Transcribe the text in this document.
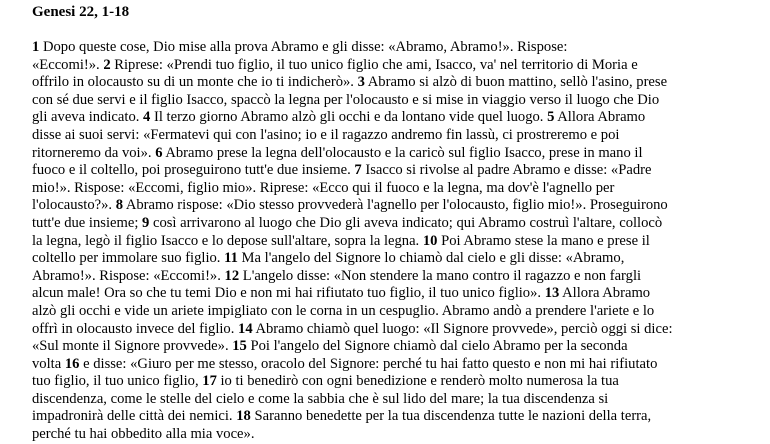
Genesi 22, 1-18
1 Dopo queste cose, Dio mise alla prova Abramo e gli disse: «Abramo, Abramo!». Rispose:
«Eccomi!». 2 Riprese: «Prendi tuo figlio, il tuo unico figlio che ami, Isacco, va' nel territorio di Moria e
offrilo in olocausto su di un monte che io ti indicherò». 3 Abramo si alzò di buon mattino, sellò l'asino, prese
con sé due servi e il figlio Isacco, spaccò la legna per l'olocausto e si mise in viaggio verso il luogo che Dio
gli aveva indicato. 4 Il terzo giorno Abramo alzò gli occhi e da lontano vide quel luogo. 5 Allora Abramo
disse ai suoi servi: «Fermatevi qui con l'asino; io e il ragazzo andremo fin lassù, ci prostreremo e poi
ritorneremo da voi». 6 Abramo prese la legna dell'olocausto e la caricò sul figlio Isacco, prese in mano il
fuoco e il coltello, poi proseguirono tutt'e due insieme. 7 Isacco si rivolse al padre Abramo e disse: «Padre
mio!». Rispose: «Eccomi, figlio mio». Riprese: «Ecco qui il fuoco e la legna, ma dov'è l'agnello per
l'olocausto?». 8 Abramo rispose: «Dio stesso provvederà l'agnello per l'olocausto, figlio mio!». Proseguirono
tutt'e due insieme; 9 così arrivarono al luogo che Dio gli aveva indicato; qui Abramo costruì l'altare, collocò
la legna, legò il figlio Isacco e lo depose sull'altare, sopra la legna. 10 Poi Abramo stese la mano e prese il
coltello per immolare suo figlio. 11 Ma l'angelo del Signore lo chiamò dal cielo e gli disse: «Abramo,
Abramo!». Rispose: «Eccomi!». 12 L'angelo disse: «Non stendere la mano contro il ragazzo e non fargli
alcun male! Ora so che tu temi Dio e non mi hai rifiutato tuo figlio, il tuo unico figlio». 13 Allora Abramo
alzò gli occhi e vide un ariete impigliato con le corna in un cespuglio. Abramo andò a prendere l'ariete e lo
offrì in olocausto invece del figlio. 14 Abramo chiamò quel luogo: «Il Signore provvede», perciò oggi si dice:
«Sul monte il Signore provvede». 15 Poi l'angelo del Signore chiamò dal cielo Abramo per la seconda
volta 16 e disse: «Giuro per me stesso, oracolo del Signore: perché tu hai fatto questo e non mi hai rifiutato
tuo figlio, il tuo unico figlio, 17 io ti benedirò con ogni benedizione e renderò molto numerosa la tua
discendenza, come le stelle del cielo e come la sabbia che è sul lido del mare; la tua discendenza si
impadronirà delle città dei nemici. 18 Saranno benedette per la tua discendenza tutte le nazioni della terra,
perché tu hai obbedito alla mia voce».
